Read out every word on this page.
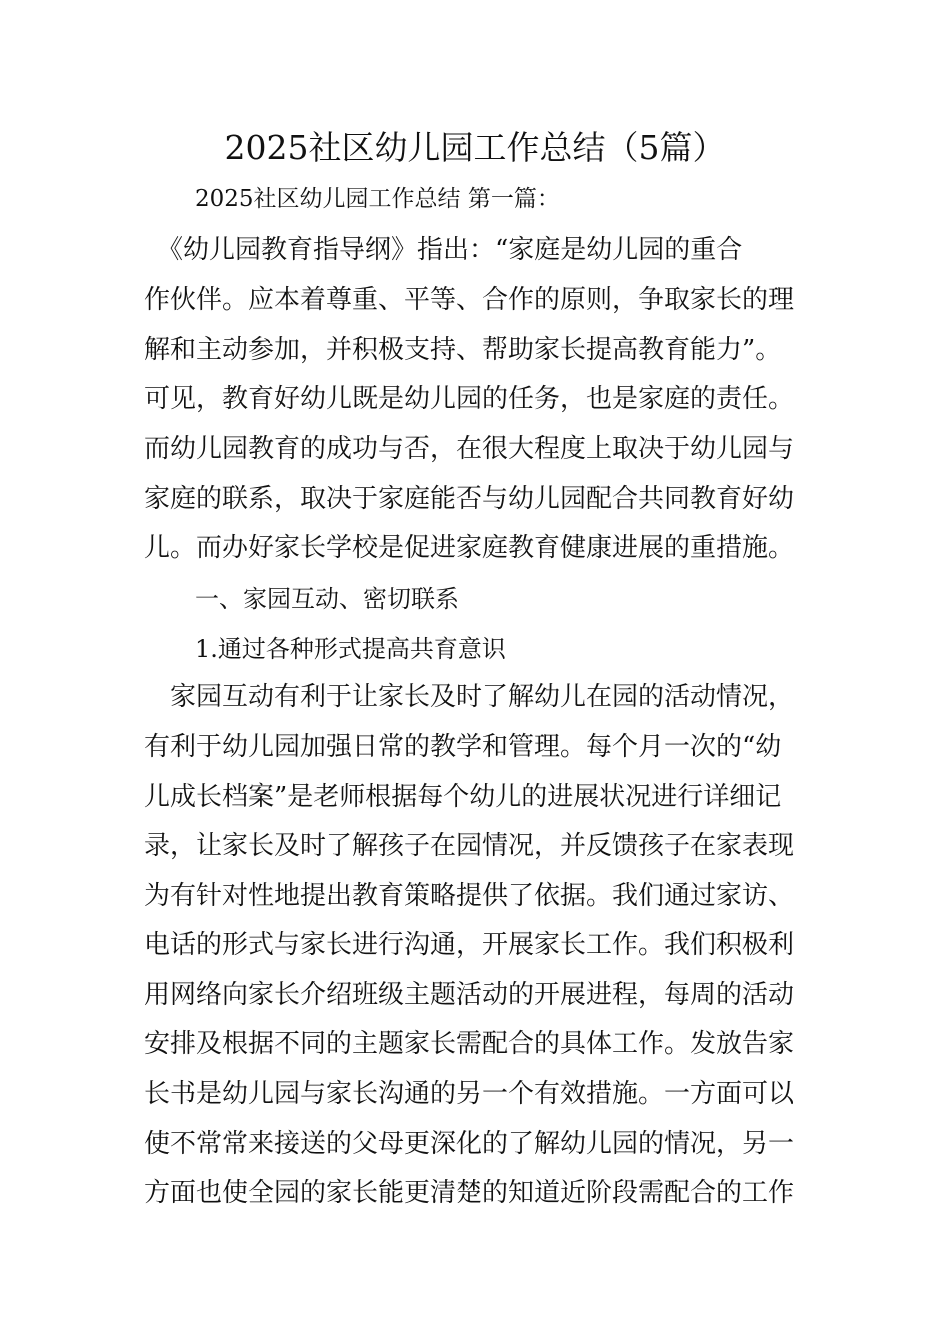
2025社区幼儿园工作总结（5篇）
2025社区幼儿园工作总结 第一篇：
　《幼儿园教育指导纲》指出：“家庭是幼儿园的重合
作伙伴。应本着尊重、平等、合作的原则，争取家长的理
解和主动参加，并积极支持、帮助家长提高教育能力”。
可见，教育好幼儿既是幼儿园的任务，也是家庭的责任。
而幼儿园教育的成功与否，在很大程度上取决于幼儿园与
家庭的联系，取决于家庭能否与幼儿园配合共同教育好幼
儿。而办好家长学校是促进家庭教育健康进展的重措施。
一、家园互动、密切联系
1.通过各种形式提高共育意识
　家园互动有利于让家长及时了解幼儿在园的活动情况，
有利于幼儿园加强日常的教学和管理。每个月一次的“幼
儿成长档案”是老师根据每个幼儿的进展状况进行详细记
录，让家长及时了解孩子在园情况，并反馈孩子在家表现
为有针对性地提出教育策略提供了依据。我们通过家访、
电话的形式与家长进行沟通，开展家长工作。我们积极利
用网络向家长介绍班级主题活动的开展进程，每周的活动
安排及根据不同的主题家长需配合的具体工作。发放告家
长书是幼儿园与家长沟通的另一个有效措施。一方面可以
使不常常来接送的父母更深化的了解幼儿园的情况，另一
方面也使全园的家长能更清楚的知道近阶段需配合的工作
